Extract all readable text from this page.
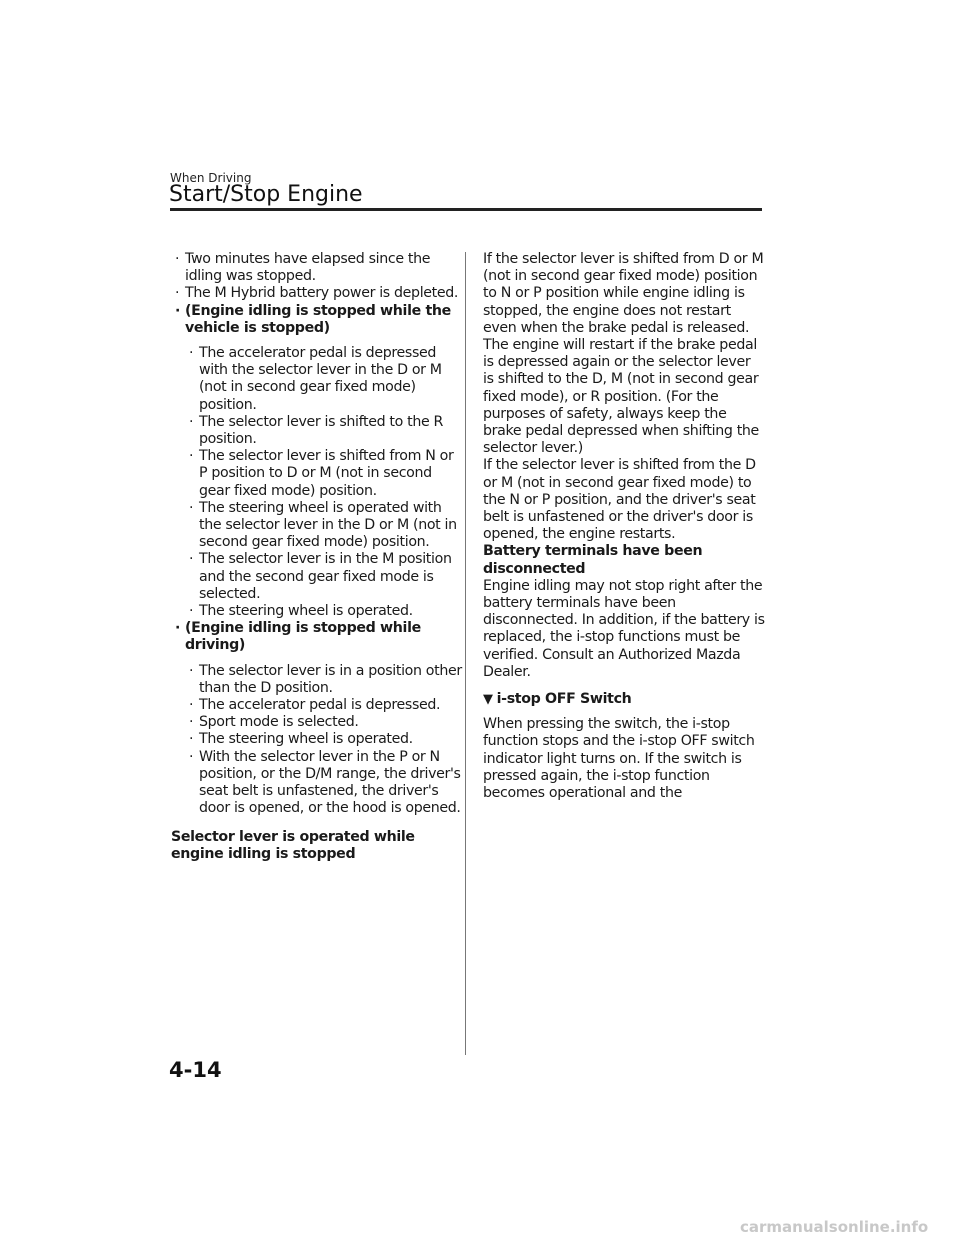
When Driving
Start/Stop Engine

· Two minutes have elapsed since the idling was stopped.

· The M Hybrid battery power is depleted.

· (Engine idling is stopped while the vehicle is stopped)

· The accelerator pedal is depressed with the selector lever in the D or M (not in second gear fixed mode) position.

· The selector lever is shifted to the R position.

· The selector lever is shifted from N or P position to D or M (not in second gear fixed mode) position.

· The steering wheel is operated with the selector lever in the D or M (not in second gear fixed mode) position.

· The selector lever is in the M position and the second gear fixed mode is selected.

· The steering wheel is operated.

· (Engine idling is stopped while driving)

· The selector lever is in a position other than the D position.

· The accelerator pedal is depressed.

· Sport mode is selected.

· The steering wheel is operated.

· With the selector lever in the P or N position, or the D/M range, the driver's seat belt is unfastened, the driver's door is opened, or the hood is opened.

Selector lever is operated while engine idling is stopped

If the selector lever is shifted from D or M (not in second gear fixed mode) position to N or P position while engine idling is stopped, the engine does not restart even when the brake pedal is released. The engine will restart if the brake pedal is depressed again or the selector lever is shifted to the D, M (not in second gear fixed mode), or R position. (For the purposes of safety, always keep the brake pedal depressed when shifting the selector lever.)

If the selector lever is shifted from the D or M (not in second gear fixed mode) to the N or P position, and the driver's seat belt is unfastened or the driver's door is opened, the engine restarts.

Battery terminals have been disconnected

Engine idling may not stop right after the battery terminals have been disconnected. In addition, if the battery is replaced, the i-stop functions must be verified. Consult an Authorized Mazda Dealer.

▼ i-stop OFF Switch

When pressing the switch, the i-stop function stops and the i-stop OFF switch indicator light turns on. If the switch is pressed again, the i-stop function becomes operational and the

4-14
carmanualsonline.info
